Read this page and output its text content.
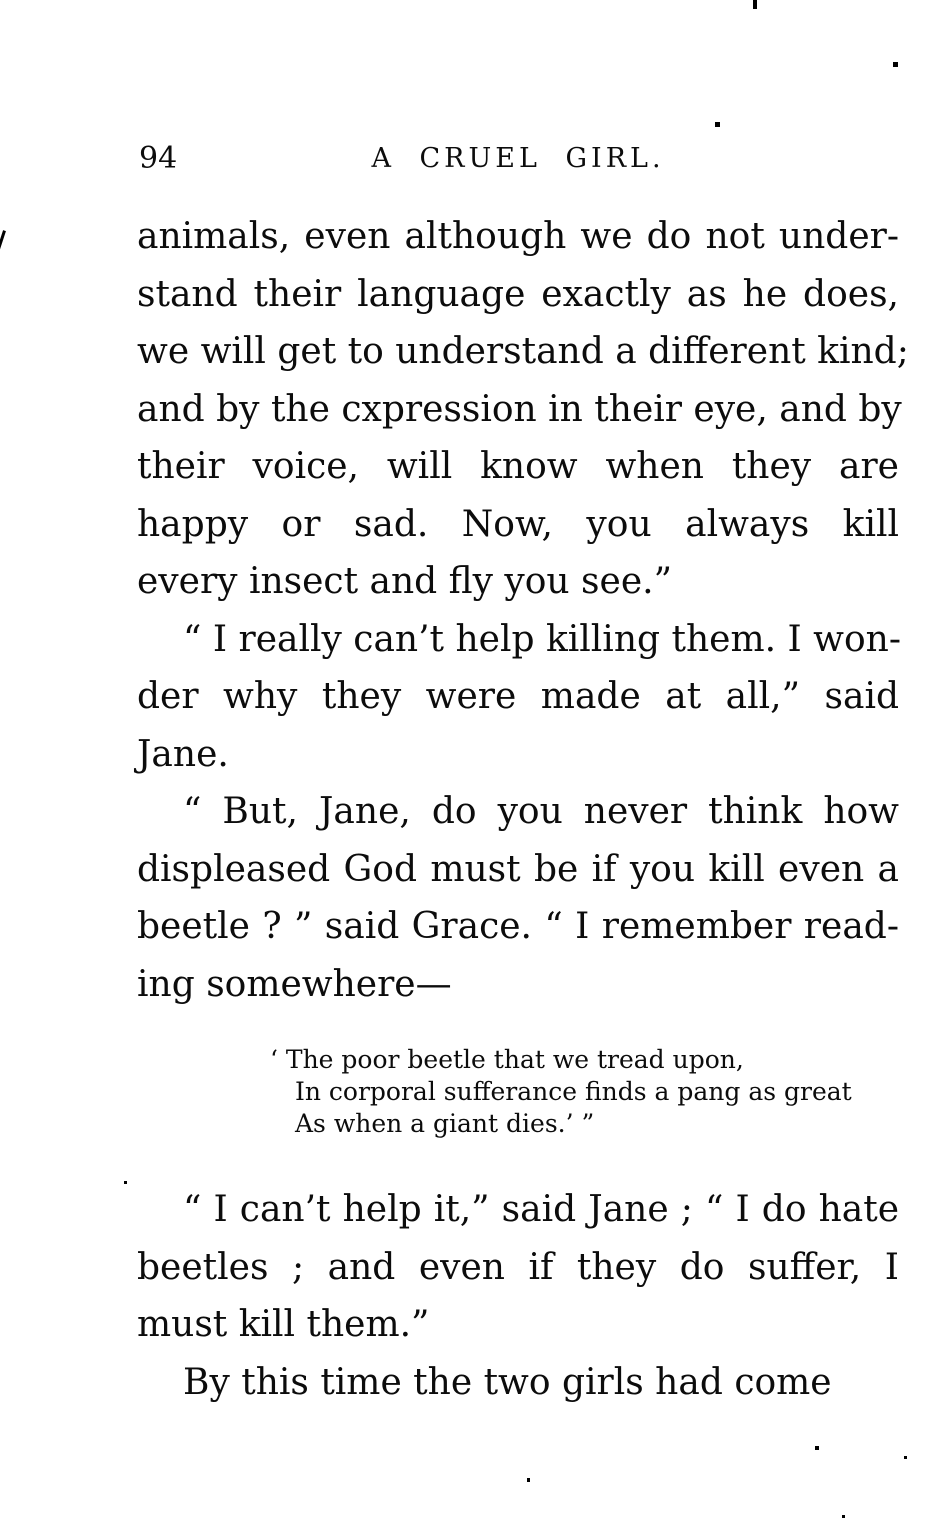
94	A CRUEL GIRL.
animals, even although we do not under-
stand their language exactly as he does,
we will get to understand a different kind;
and by the cxpression in their eye, and by
their voice, will know when they are
happy or sad. Now, you always kill
every insect and fly you see.”
“ I really can’t help killing them. I won-
der why they were made at all,” said
Jane.
“ But, Jane, do you never think how
displeased God must be if you kill even a
beetle ? ” said Grace. “ I remember read-
ing somewhere—
‘ The poor beetle that we tread upon,
In corporal sufferance finds a pang as great
As when a giant dies.’ ”
“ I can’t help it,” said Jane ; “ I do hate
beetles ; and even if they do suffer, I
must kill them.”
By this time the two girls had come
